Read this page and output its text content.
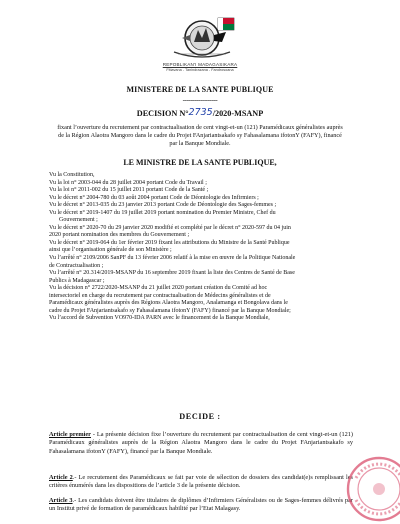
REPOBLIKAN'I MADAGASIKARA
Fitiavana - Tanindrazana - Fandrosoana
MINISTERE DE LA SANTE PUBLIQUE
------------------
DECISION N°2735/2020-MSANP
fixant l’ouverture du recrutement par contractualisation de cent vingt-et-un (121) Paramédicaux généralistes auprès de la Région Alaotra Mangoro dans le cadre du Projet FAnjariantsakafo sy Fahasalamana ifotonY (FAFY), financé par la Banque Mondiale.
LE MINISTRE DE LA SANTE PUBLIQUE,

Vu la Constitution,

Vu la loi n° 2003-044 du 28 juillet 2004 portant Code du Travail ;

Vu la loi n° 2011-002 du 15 juillet 2011 portant Code de la Santé ;

Vu le décret n° 2004-780 du 03 août 2004 portant Code de Déontologie des Infirmiers ;

Vu le décret n° 2013-035 du 23 janvier 2013 portant Code de Déontologie des Sages-femmes ;

Vu le décret n° 2019-1407 du 19 juillet 2019 portant nomination du Premier Ministre, Chef du

Gouvernement ;

Vu le décret n° 2020-70 du 29 janvier 2020 modifié et complété par le décret n° 2020-597 du 04 juin

2020 portant nomination des membres du Gouvernement ;

Vu le décret n° 2019-064 du 1er février 2019 fixant les attributions du Ministre de la Santé Publique

ainsi que l’organisation générale de son Ministère ;

Vu l’arrêté n° 2109/2006 SanPF du 13 février 2006 relatif à la mise en œuvre de la Politique Nationale

de Contractualisation ;

Vu l’arrêté n° 20.314/2019-MSANP du 16 septembre 2019 fixant la liste des Centres de Santé de Base

Publics à Madagascar ;

Vu la décision n° 2722/2020-MSANP du 21 juillet 2020 portant création du Comité ad hoc

intersectoriel en charge du recrutement par contractualisation de Médecins généralistes et de

Paramédicaux généralistes auprès des Régions Alaotra Mangoro, Analamanga et Bongolava dans le

cadre du Projet FAnjariantsakafo sy Fahasalamana ifotonY (FAFY) financé par la Banque Mondiale;

Vu l’accord de Subvention VO970-IDA PARN avec le financement de la Banque Mondiale,

DECIDE :

Article premier - La présente décision fixe l’ouverture du recrutement par contractualisation de cent vingt-et-un (121) Paramédicaux généralistes auprès de la Région Alaotra Mangoro dans le cadre du Projet FAnjariantsakafo sy Fahasalamana ifotonY (FAFY), financé par la Banque Mondiale.

Article 2.- Le recrutement des Paramédicaux se fait par voie de sélection de dossiers des candidat(e)s remplissant les critères énumérés dans les dispositions de l’article 3 de la présente décision.

Article 3.- Les candidats doivent être titulaires de diplômes d’Infirmiers Généralistes ou de Sages-femmes délivrés par un Institut privé de formation de paramédicaux habilité par l’Etat Malagasy.
